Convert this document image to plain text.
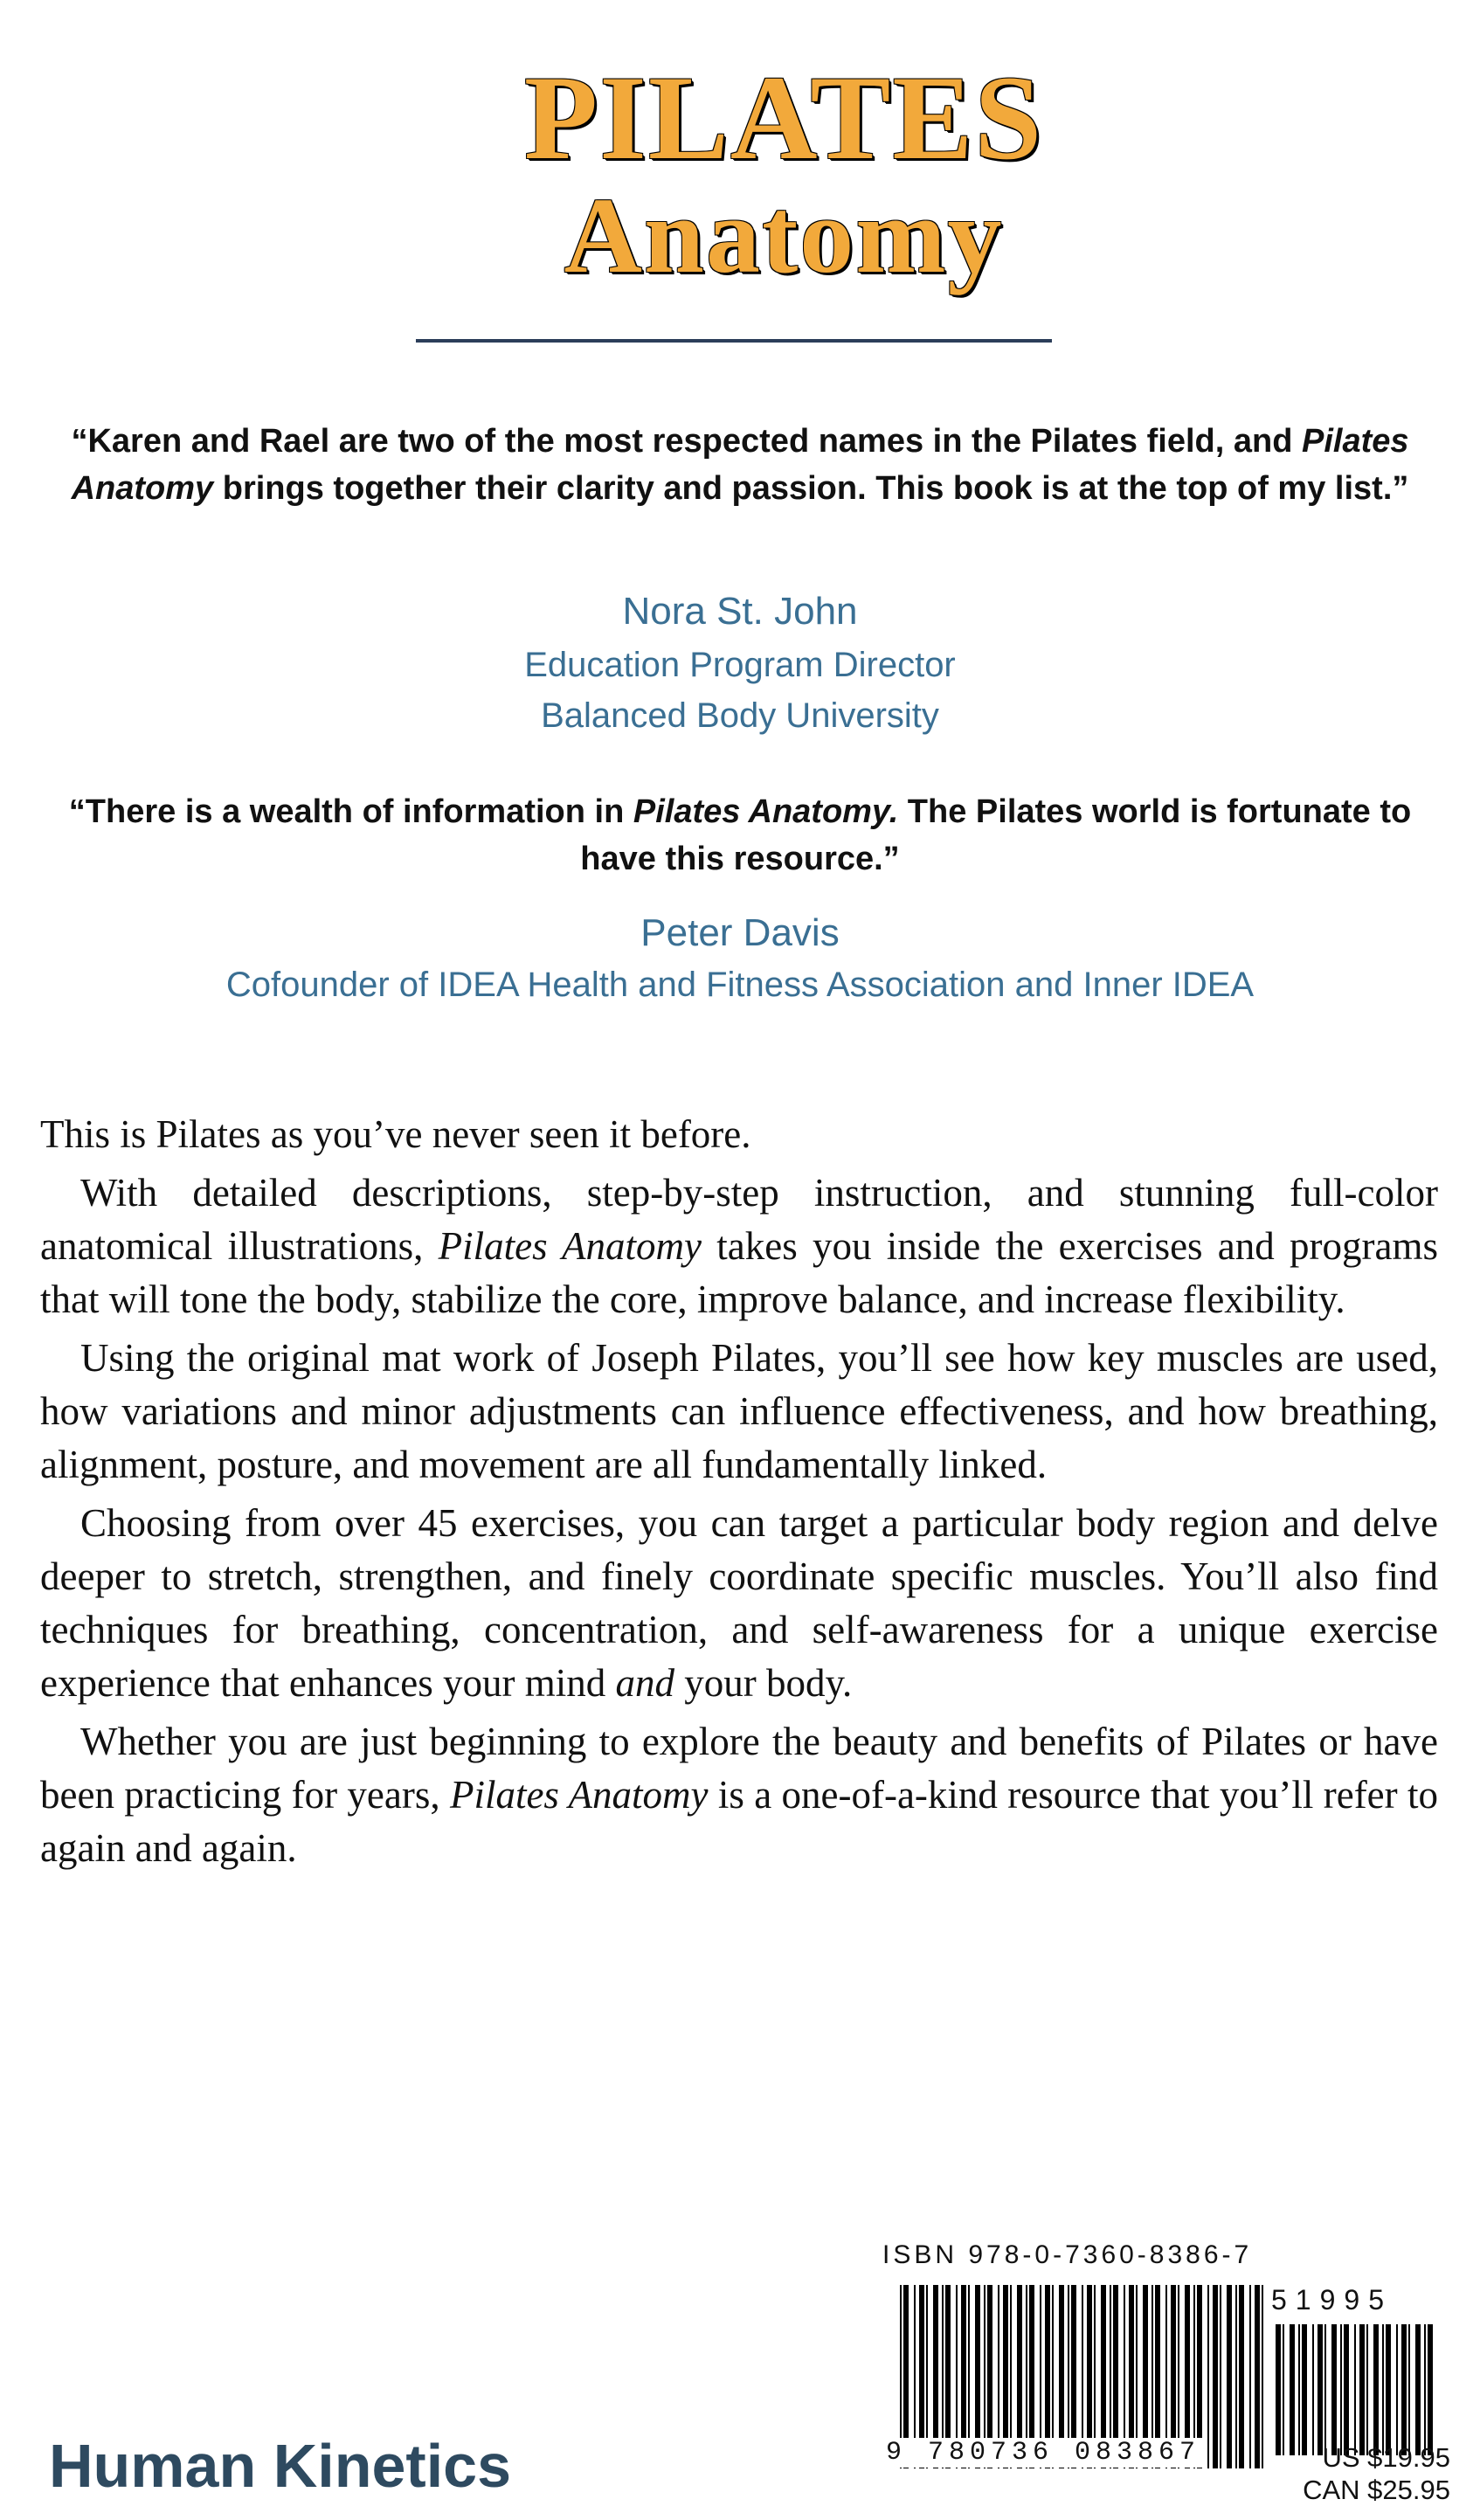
PILATES
Anatomy
“Karen and Rael are two of the most respected names in the Pilates field, and Pilates Anatomy brings together their clarity and passion. This book is at the top of my list.”
Nora St. John
Education Program Director
Balanced Body University
“There is a wealth of information in Pilates Anatomy. The Pilates world is fortunate to have this resource.”
Peter Davis
Cofounder of IDEA Health and Fitness Association and Inner IDEA

This is Pilates as you’ve never seen it before.

With detailed descriptions, step-by-step instruction, and stunning full-color anatomical illustrations, Pilates Anatomy takes you inside the exercises and programs that will tone the body, stabilize the core, improve balance, and increase flexibility.

Using the original mat work of Joseph Pilates, you’ll see how key muscles are used, how variations and minor adjustments can influence effectiveness, and how breathing, alignment, posture, and movement are all fundamentally linked.

Choosing from over 45 exercises, you can target a particular body region and delve deeper to stretch, strengthen, and finely coordinate specific muscles. You’ll also find techniques for breathing, concentration, and self-awareness for a unique exercise experience that enhances your mind and your body.

Whether you are just beginning to explore the beauty and benefits of Pilates or have been practicing for years, Pilates Anatomy is a one-of-a-kind resource that you’ll refer to again and again.

ISBN 978-0-7360-8386-7
9 780736 083867
51995
US $19.95
CAN $25.95
Human Kinetics
